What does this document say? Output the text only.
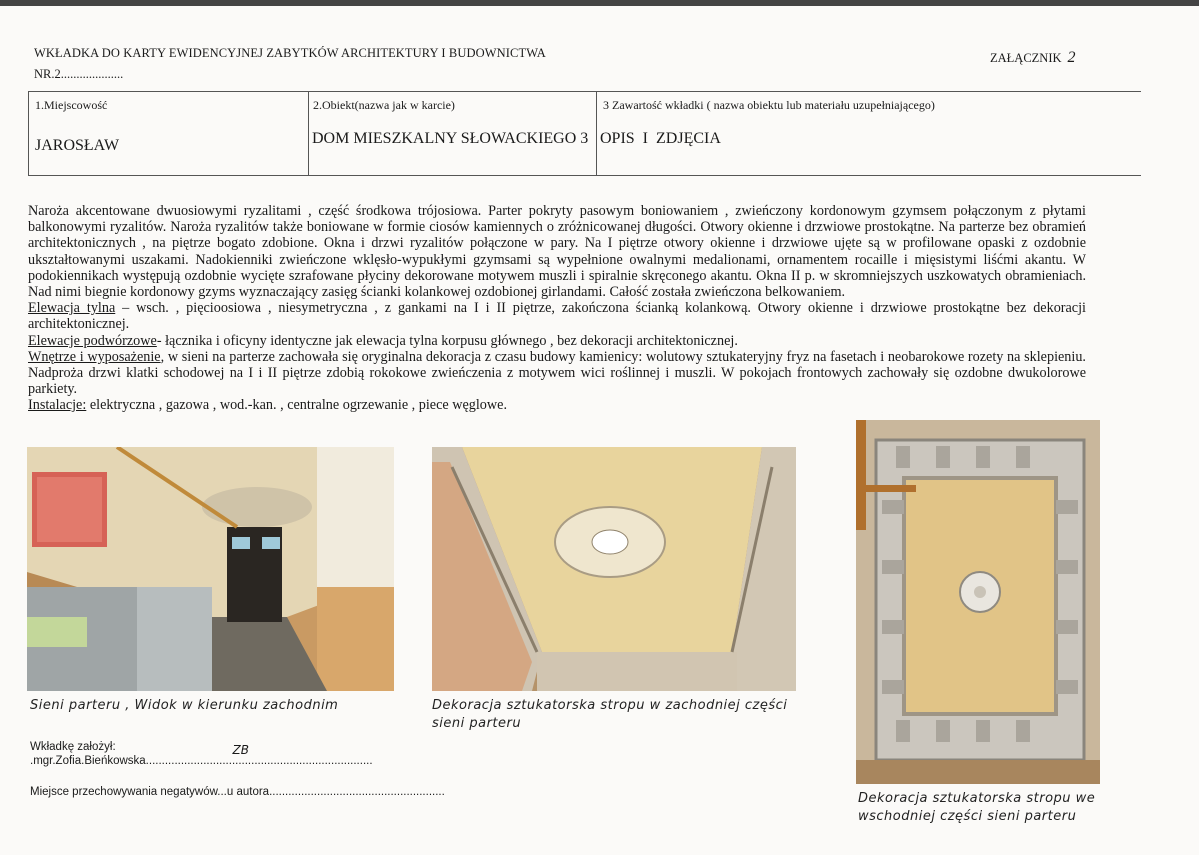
WKŁADKA DO KARTY EWIDENCYJNEJ ZABYTKÓW ARCHITEKTURY I BUDOWNICTWA
NR.2....................
ZAŁĄCZNIK 2
1.Miejscowość
JAROSŁAW
2.Obiekt(nazwa jak w karcie)
DOM MIESZKALNY SŁOWACKIEGO 3
3 Zawartość wkładki ( nazwa obiektu lub materiału uzupełniającego)
OPIS I ZDJĘCIA

Naroża akcentowane dwuosiowymi ryzalitami , część środkowa trójosiowa. Parter pokryty pasowym boniowaniem , zwieńczony kordonowym gzymsem połączonym z płytami balkonowymi ryzalitów. Naroża ryzalitów także boniowane w formie ciosów kamiennych o zróżnicowanej długości. Otwory okienne i drzwiowe prostokątne. Na parterze bez obramień architektonicznych , na piętrze bogato zdobione. Okna i drzwi ryzalitów połączone w pary. Na I piętrze otwory okienne i drzwiowe ujęte są w profilowane opaski z ozdobnie ukształtowanymi uszakami. Nadokienniki zwieńczone wklęsło-wypukłymi gzymsami są wypełnione owalnymi medalionami, ornamentem rocaille i mięsistymi liśćmi akantu. W podokiennikach występują ozdobnie wycięte szrafowane płyciny dekorowane motywem muszli i spiralnie skręconego akantu. Okna II p. w skromniejszych uszkowatych obramieniach. Nad nimi biegnie kordonowy gzyms wyznaczający zasięg ścianki kolankowej ozdobionej girlandami. Całość została zwieńczona belkowaniem.

Elewacja tylna – wsch. , pięcioosiowa , niesymetryczna , z gankami na I i II piętrze, zakończona ścianką kolankową. Otwory okienne i drzwiowe prostokątne bez dekoracji architektonicznej.

Elewacje podwórzowe- łącznika i oficyny identyczne jak elewacja tylna korpusu głównego , bez dekoracji architektonicznej.

Wnętrze i wyposażenie, w sieni na parterze zachowała się oryginalna dekoracja z czasu budowy kamienicy: wolutowy sztukateryjny fryz na fasetach i neobarokowe rozety na sklepieniu. Nadproża drzwi klatki schodowej na I i II piętrze zdobią rokokowe zwieńczenia z motywem wici roślinnej i muszli. W pokojach frontowych zachowały się ozdobne dwukolorowe parkiety.

Instalacje: elektryczna , gazowa , wod.-kan. , centralne ogrzewanie , piece węglowe.

Sieni parteru , Widok w kierunku zachodnim	Dekoracja sztukatorska stropu w zachodniej części sieni parteru
Dekoracja sztukatorska stropu we wschodniej części sieni parteru
Wkładkę założył: .mgr.Zofia.Bieńkowska.......................................................................ZB
Miejsce przechowywania negatywów...u autora.......................................................
